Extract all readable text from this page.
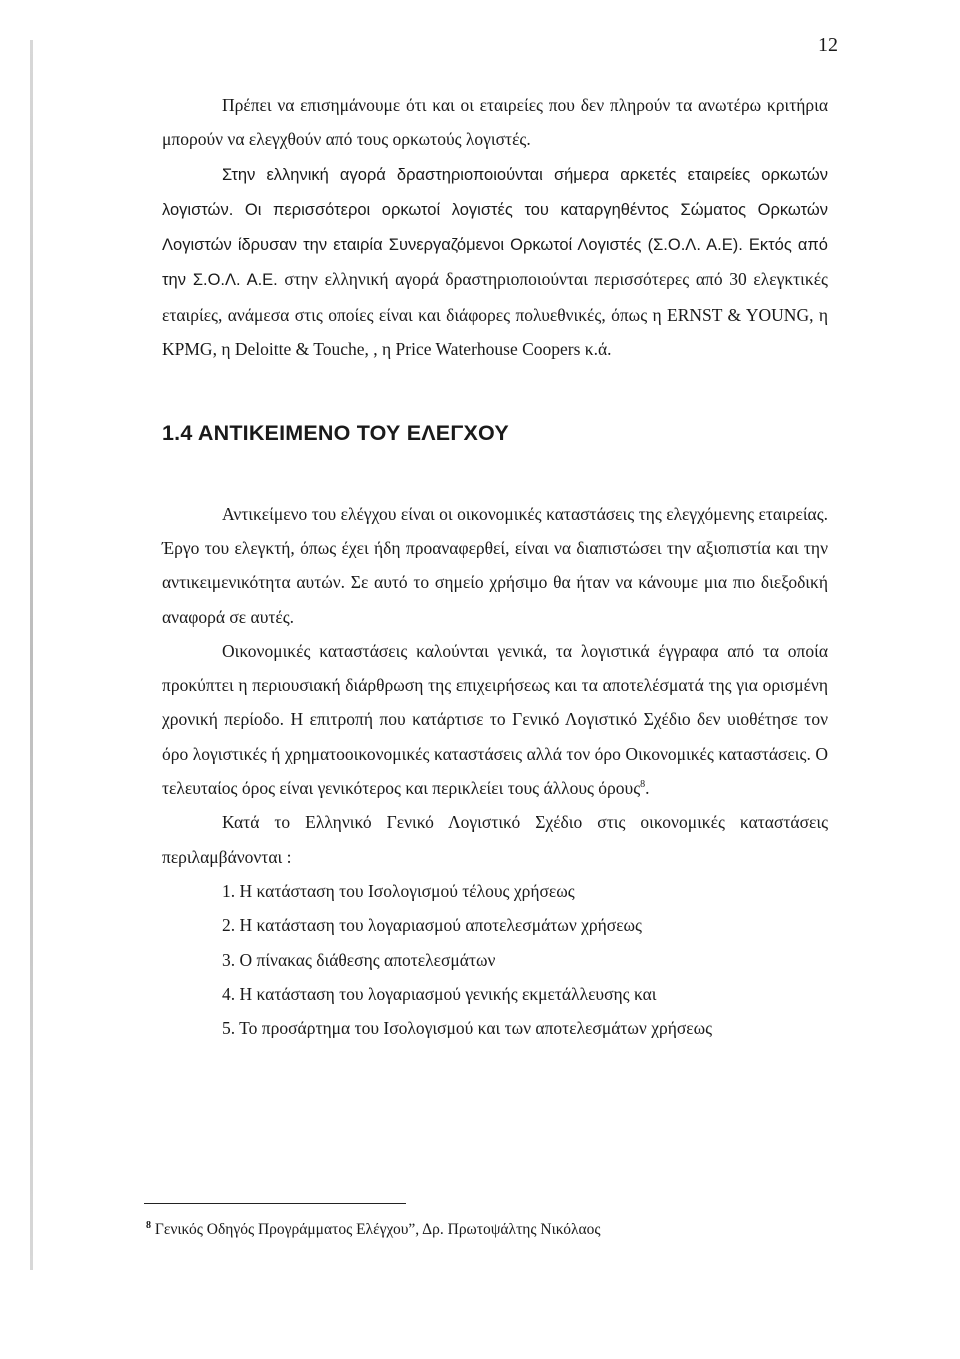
12

Πρέπει να επισημάνουμε ότι και οι εταιρείες που δεν πληρούν τα ανωτέρω κριτήρια μπορούν να ελεγχθούν από τους ορκωτούς λογιστές.

Στην ελληνική αγορά δραστηριοποιούνται σήμερα αρκετές εταιρείες ορκωτών λογιστών. Οι περισσότεροι ορκωτοί λογιστές του καταργηθέντος Σώματος Ορκωτών Λογιστών ίδρυσαν την εταιρία Συνεργαζόμενοι Ορκωτοί Λογιστές (Σ.Ο.Λ. Α.Ε). Εκτός από την Σ.Ο.Λ. Α.Ε. στην ελληνική αγορά δραστηριοποιούνται περισσότερες από 30 ελεγκτικές εταιρίες, ανάμεσα στις οποίες είναι και διάφορες πολυεθνικές, όπως η ERNST & YOUNG, η KPMG, η Deloitte & Touche, , η Price Waterhouse Coopers κ.ά.

1.4 ΑΝΤΙΚΕΙΜΕΝΟ ΤΟΥ ΕΛΕΓΧΟΥ

Αντικείμενο του ελέγχου είναι οι οικονομικές καταστάσεις της ελεγχόμενης εταιρείας. Έργο του ελεγκτή, όπως έχει ήδη προαναφερθεί, είναι να διαπιστώσει την αξιοπιστία και την αντικειμενικότητα αυτών. Σε αυτό το σημείο χρήσιμο θα ήταν να κάνουμε μια πιο διεξοδική αναφορά σε αυτές.

Οικονομικές καταστάσεις καλούνται γενικά, τα λογιστικά έγγραφα από τα οποία προκύπτει η περιουσιακή διάρθρωση της επιχειρήσεως και τα αποτελέσματά της για ορισμένη χρονική περίοδο. Η επιτροπή που κατάρτισε το Γενικό Λογιστικό Σχέδιο δεν υιοθέτησε τον όρο λογιστικές ή χρηματοοικονομικές καταστάσεις αλλά τον όρο Οικονομικές καταστάσεις. Ο τελευταίος όρος είναι γενικότερος και περικλείει τους άλλους όρους$^8$.

Κατά το Ελληνικό Γενικό Λογιστικό Σχέδιο στις οικονομικές καταστάσεις περιλαμβάνονται :

1. Η κατάσταση του Ισολογισμού τέλους χρήσεως
2. Η κατάσταση του λογαριασμού αποτελεσμάτων χρήσεως
3. Ο πίνακας διάθεσης αποτελεσμάτων
4. Η κατάσταση του λογαριασμού γενικής εκμετάλλευσης και
5. Το προσάρτημα του Ισολογισμού και των αποτελεσμάτων χρήσεως
$^8$ Γενικός Οδηγός Προγράμματος Ελέγχου”, Δρ. Πρωτοψάλτης Νικόλαος
